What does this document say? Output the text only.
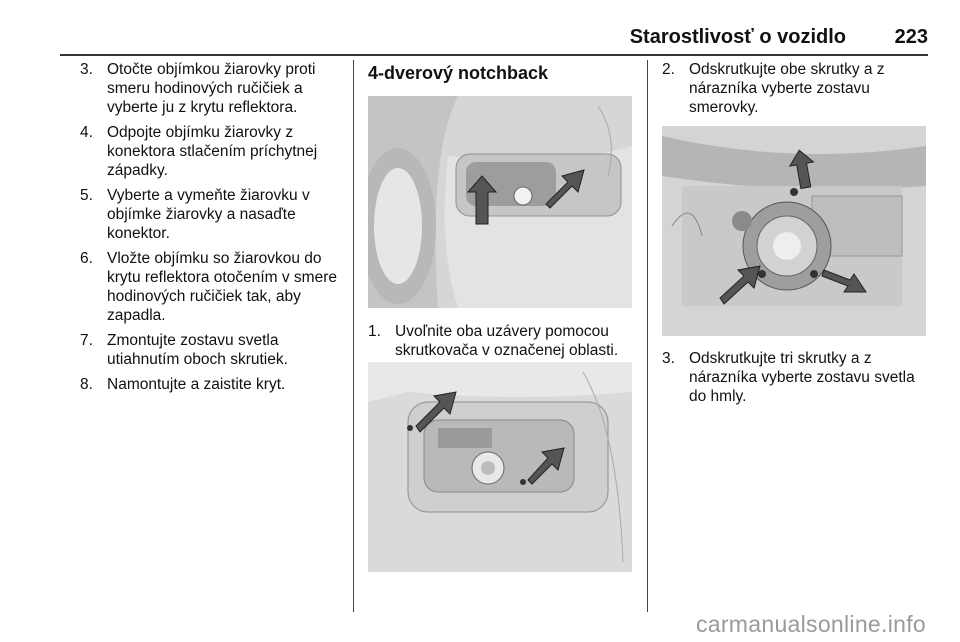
Starostlivosť o vozidlo 223
3. Otočte objímkou žiarovky proti smeru hodinových ručičiek a vyberte ju z krytu reflektora.
4. Odpojte objímku žiarovky z konektora stlačením príchytnej západky.
5. Vyberte a vymeňte žiarovku v objímke žiarovky a nasaďte konektor.
6. Vložte objímku so žiarovkou do krytu reflektora otočením v smere hodinových ručičiek tak, aby zapadla.
7. Zmontujte zostavu svetla utiahnutím oboch skrutiek.
8. Namontujte a zaistite kryt.
4-dverový notchback
1. Uvoľnite oba uzávery pomocou skrutkovača v označenej oblasti.
2. Odskrutkujte obe skrutky a z nárazníka vyberte zostavu smerovky.
3. Odskrutkujte tri skrutky a z nárazníka vyberte zostavu svetla do hmly.
carmanualsonline.info
